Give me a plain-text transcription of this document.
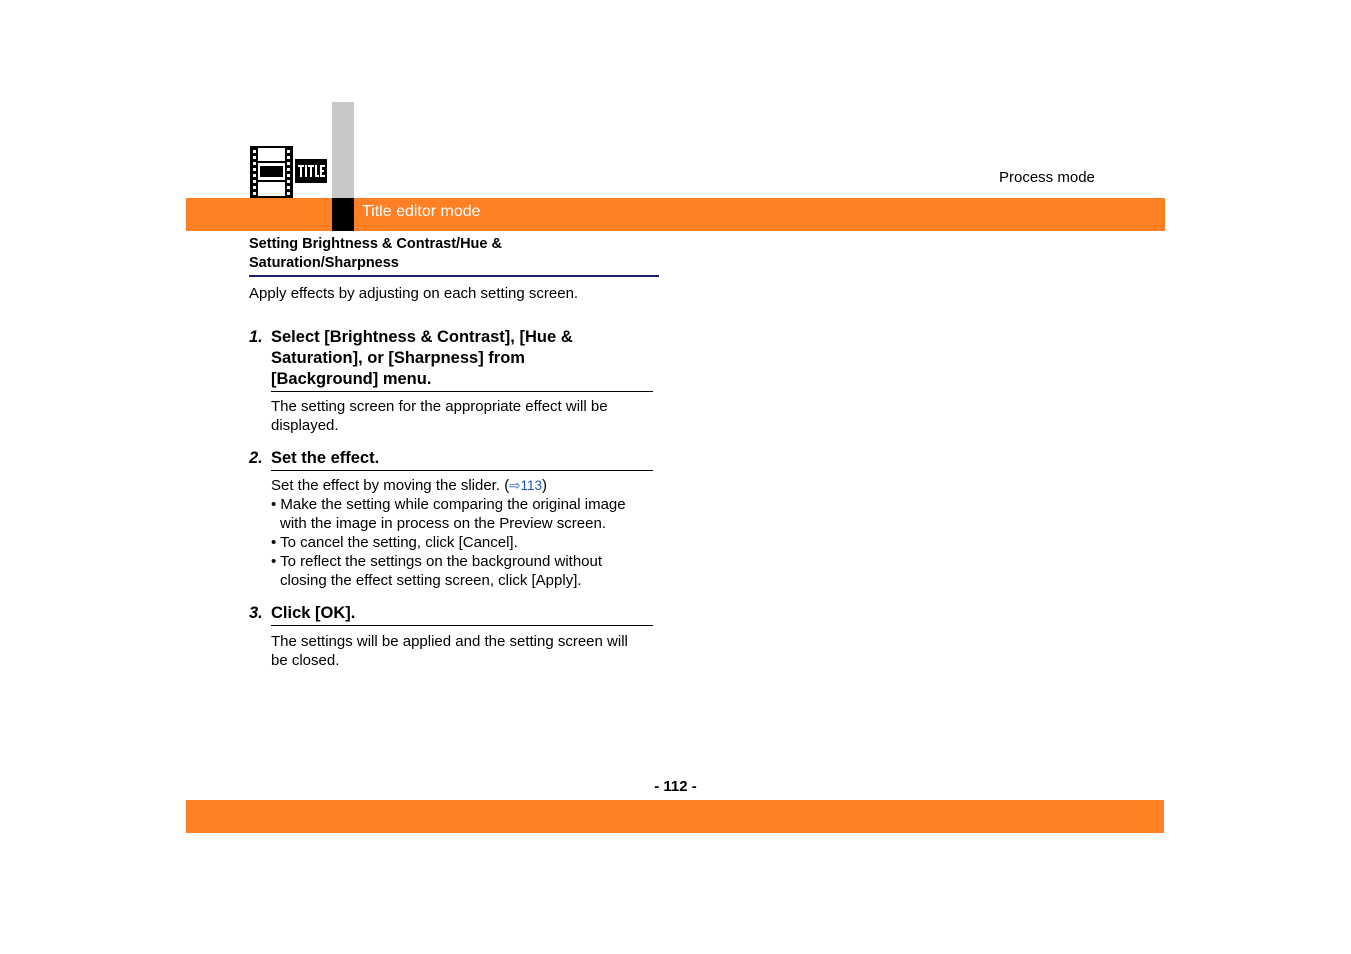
Title editor mode
Process mode
Setting Brightness & Contrast/Hue &
Saturation/Sharpness
Apply effects by adjusting on each setting screen.
1. Select [Brightness & Contrast], [Hue &
Saturation], or [Sharpness] from
[Background] menu.
The setting screen for the appropriate effect will be
displayed.
2. Set the effect.
Set the effect by moving the slider. (⇨113)
• Make the setting while comparing the original image
with the image in process on the Preview screen.
• To cancel the setting, click [Cancel].
• To reflect the settings on the background without
closing the effect setting screen, click [Apply].
3. Click [OK].
The settings will be applied and the setting screen will
be closed.
- 112 -
